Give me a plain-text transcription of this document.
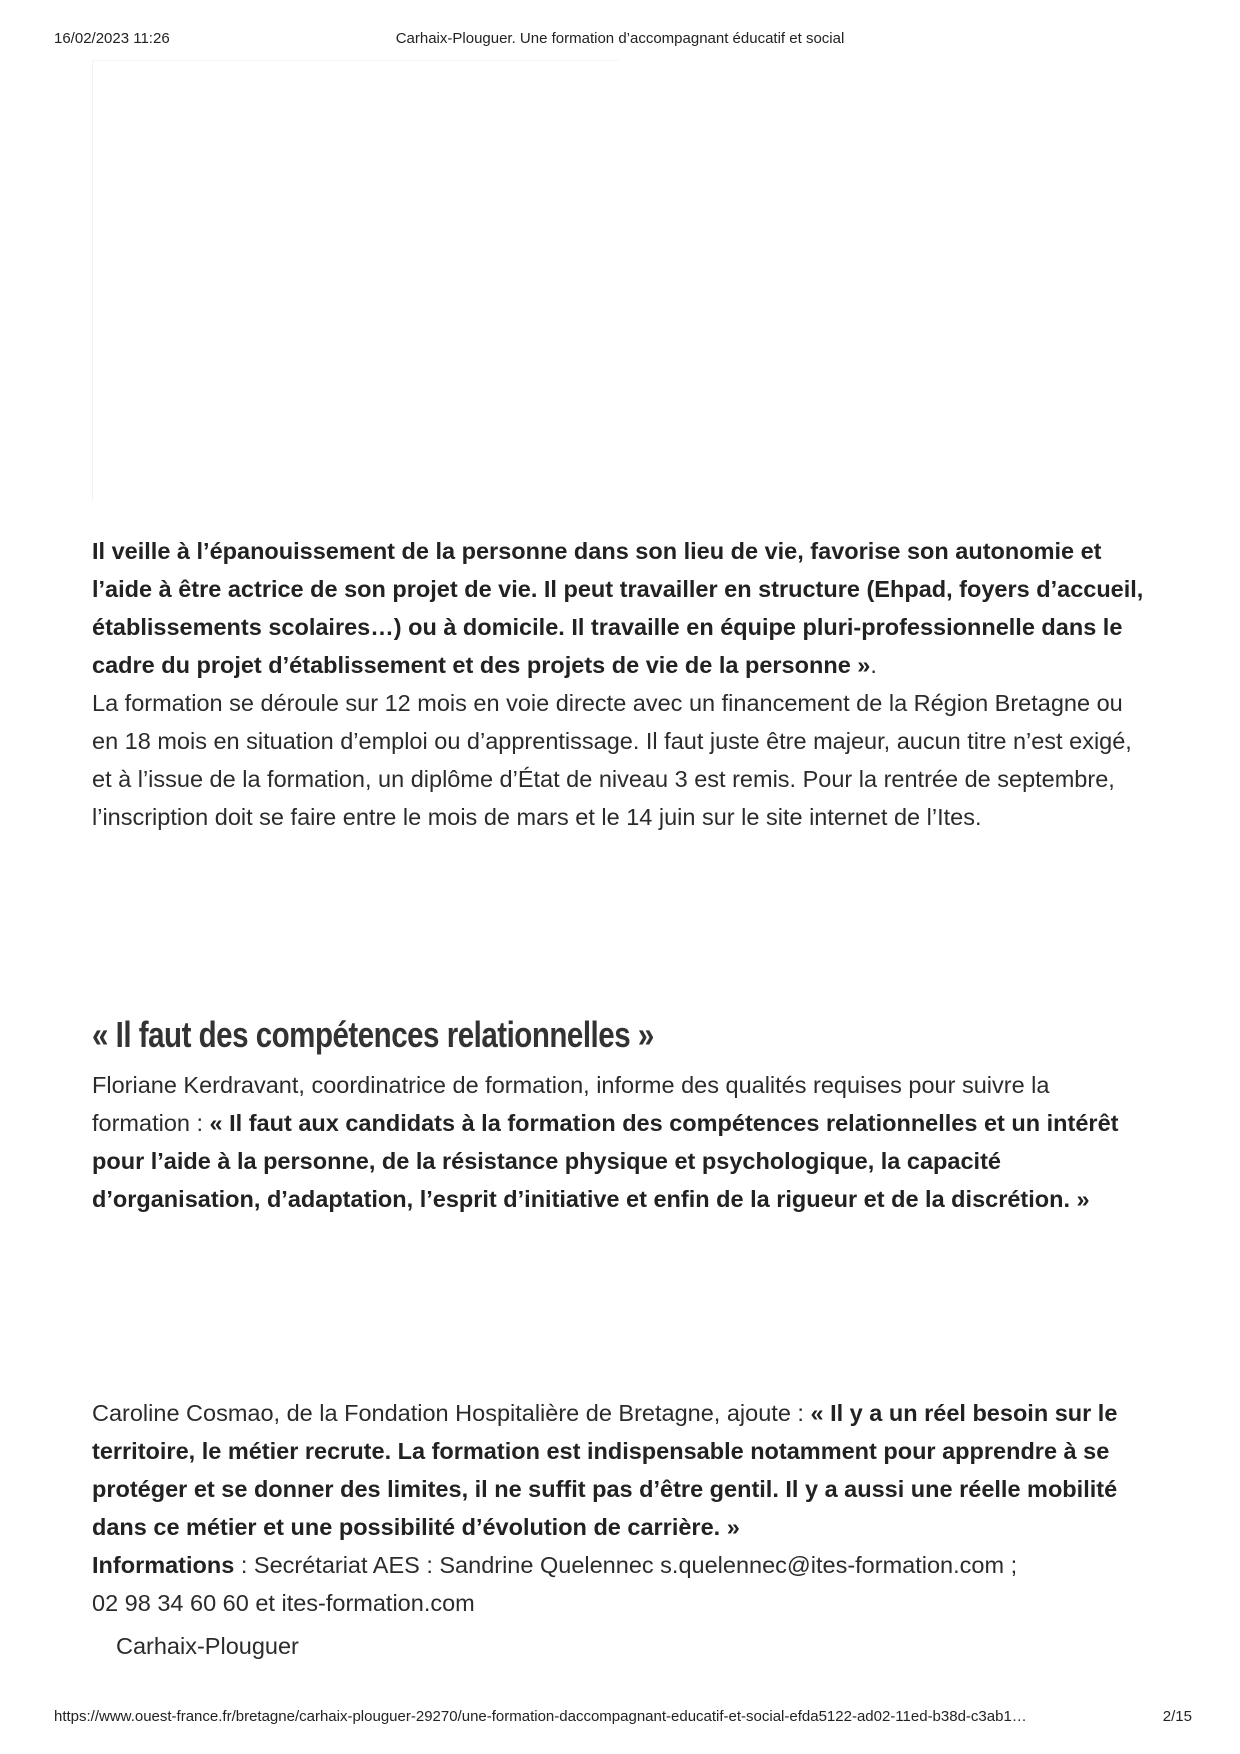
16/02/2023 11:26	Carhaix-Plouguer. Une formation d’accompagnant éducatif et social

Il veille à l’épanouissement de la personne dans son lieu de vie, favorise son autonomie et l’aide à être actrice de son projet de vie. Il peut travailler en structure (Ehpad, foyers d’accueil, établissements scolaires…) ou à domicile. Il travaille en équipe pluri-professionnelle dans le cadre du projet d’établissement et des projets de vie de la personne ».

La formation se déroule sur 12 mois en voie directe avec un financement de la Région Bretagne ou en 18 mois en situation d’emploi ou d’apprentissage. Il faut juste être majeur, aucun titre n’est exigé, et à l’issue de la formation, un diplôme d’État de niveau 3 est remis. Pour la rentrée de septembre, l’inscription doit se faire entre le mois de mars et le 14 juin sur le site internet de l’Ites.

« Il faut des compétences relationnelles »

Floriane Kerdravant, coordinatrice de formation, informe des qualités requises pour suivre la formation : « Il faut aux candidats à la formation des compétences relationnelles et un intérêt pour l’aide à la personne, de la résistance physique et psychologique, la capacité d’organisation, d’adaptation, l’esprit d’initiative et enfin de la rigueur et de la discrétion. »

Caroline Cosmao, de la Fondation Hospitalière de Bretagne, ajoute : « Il y a un réel besoin sur le territoire, le métier recrute. La formation est indispensable notamment pour apprendre à se protéger et se donner des limites, il ne suffit pas d’être gentil. Il y a aussi une réelle mobilité dans ce métier et une possibilité d’évolution de carrière. »

Informations : Secrétariat AES : Sandrine Quelennec s.quelennec@ites-formation.com ;

02 98 34 60 60 et ites-formation.com

Carhaix-Plouguer
https://www.ouest-france.fr/bretagne/carhaix-plouguer-29270/une-formation-daccompagnant-educatif-et-social-efda5122-ad02-11ed-b38d-c3ab1…	2/15
